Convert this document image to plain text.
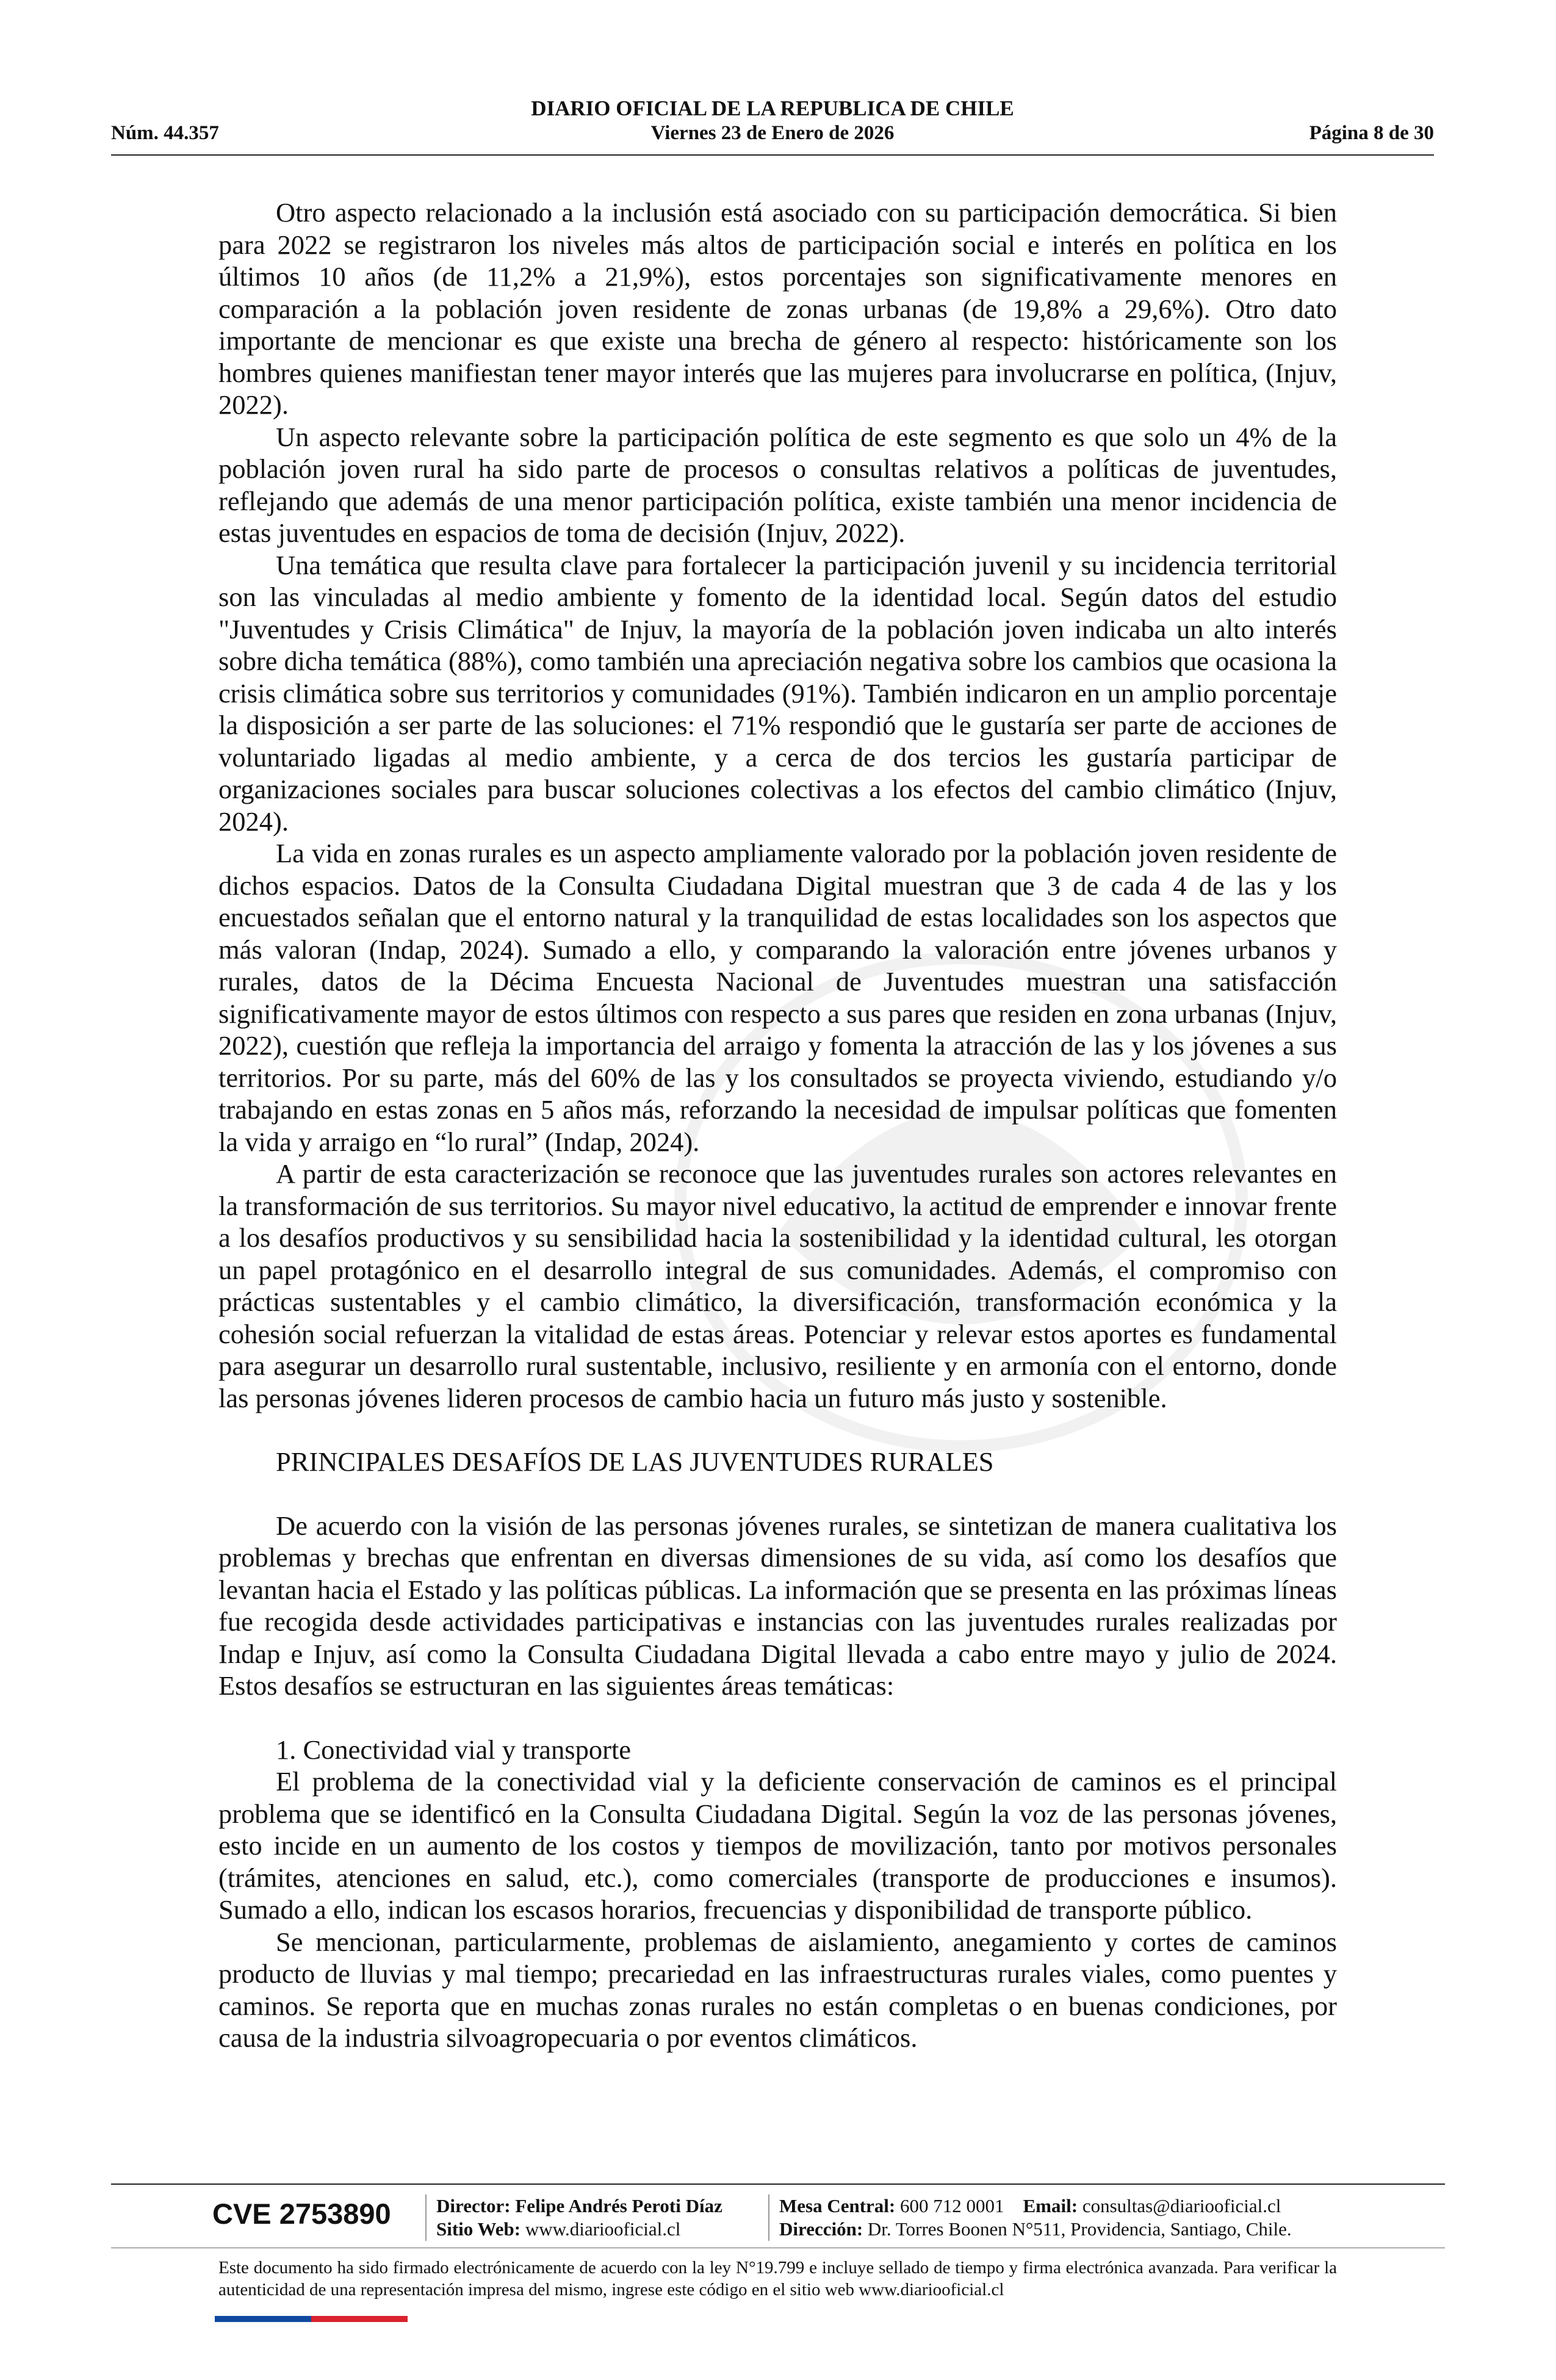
DIARIO OFICIAL DE LA REPUBLICA DE CHILE
Núm. 44.357	Viernes 23 de Enero de 2026	Página 8 de 30

Otro aspecto relacionado a la inclusión está asociado con su participación democrática. Si bien para 2022 se registraron los niveles más altos de participación social e interés en política en los últimos 10 años (de 11,2% a 21,9%), estos porcentajes son significativamente menores en comparación a la población joven residente de zonas urbanas (de 19,8% a 29,6%). Otro dato importante de mencionar es que existe una brecha de género al respecto: históricamente son los hombres quienes manifiestan tener mayor interés que las mujeres para involucrarse en política, (Injuv, 2022).

Un aspecto relevante sobre la participación política de este segmento es que solo un 4% de la población joven rural ha sido parte de procesos o consultas relativos a políticas de juventudes, reflejando que además de una menor participación política, existe también una menor incidencia de estas juventudes en espacios de toma de decisión (Injuv, 2022).

Una temática que resulta clave para fortalecer la participación juvenil y su incidencia territorial son las vinculadas al medio ambiente y fomento de la identidad local. Según datos del estudio "Juventudes y Crisis Climática" de Injuv, la mayoría de la población joven indicaba un alto interés sobre dicha temática (88%), como también una apreciación negativa sobre los cambios que ocasiona la crisis climática sobre sus territorios y comunidades (91%). También indicaron en un amplio porcentaje la disposición a ser parte de las soluciones: el 71% respondió que le gustaría ser parte de acciones de voluntariado ligadas al medio ambiente, y a cerca de dos tercios les gustaría participar de organizaciones sociales para buscar soluciones colectivas a los efectos del cambio climático (Injuv, 2024).

La vida en zonas rurales es un aspecto ampliamente valorado por la población joven residente de dichos espacios. Datos de la Consulta Ciudadana Digital muestran que 3 de cada 4 de las y los encuestados señalan que el entorno natural y la tranquilidad de estas localidades son los aspectos que más valoran (Indap, 2024). Sumado a ello, y comparando la valoración entre jóvenes urbanos y rurales, datos de la Décima Encuesta Nacional de Juventudes muestran una satisfacción significativamente mayor de estos últimos con respecto a sus pares que residen en zona urbanas (Injuv, 2022), cuestión que refleja la importancia del arraigo y fomenta la atracción de las y los jóvenes a sus territorios. Por su parte, más del 60% de las y los consultados se proyecta viviendo, estudiando y/o trabajando en estas zonas en 5 años más, reforzando la necesidad de impulsar políticas que fomenten la vida y arraigo en “lo rural” (Indap, 2024).

A partir de esta caracterización se reconoce que las juventudes rurales son actores relevantes en la transformación de sus territorios. Su mayor nivel educativo, la actitud de emprender e innovar frente a los desafíos productivos y su sensibilidad hacia la sostenibilidad y la identidad cultural, les otorgan un papel protagónico en el desarrollo integral de sus comunidades. Además, el compromiso con prácticas sustentables y el cambio climático, la diversificación, transformación económica y la cohesión social refuerzan la vitalidad de estas áreas. Potenciar y relevar estos aportes es fundamental para asegurar un desarrollo rural sustentable, inclusivo, resiliente y en armonía con el entorno, donde las personas jóvenes lideren procesos de cambio hacia un futuro más justo y sostenible.

PRINCIPALES DESAFÍOS DE LAS JUVENTUDES RURALES

De acuerdo con la visión de las personas jóvenes rurales, se sintetizan de manera cualitativa los problemas y brechas que enfrentan en diversas dimensiones de su vida, así como los desafíos que levantan hacia el Estado y las políticas públicas. La información que se presenta en las próximas líneas fue recogida desde actividades participativas e instancias con las juventudes rurales realizadas por Indap e Injuv, así como la Consulta Ciudadana Digital llevada a cabo entre mayo y julio de 2024. Estos desafíos se estructuran en las siguientes áreas temáticas:

1. Conectividad vial y transporte

El problema de la conectividad vial y la deficiente conservación de caminos es el principal problema que se identificó en la Consulta Ciudadana Digital. Según la voz de las personas jóvenes, esto incide en un aumento de los costos y tiempos de movilización, tanto por motivos personales (trámites, atenciones en salud, etc.), como comerciales (transporte de producciones e insumos). Sumado a ello, indican los escasos horarios, frecuencias y disponibilidad de transporte público.

Se mencionan, particularmente, problemas de aislamiento, anegamiento y cortes de caminos producto de lluvias y mal tiempo; precariedad en las infraestructuras rurales viales, como puentes y caminos. Se reporta que en muchas zonas rurales no están completas o en buenas condiciones, por causa de la industria silvoagropecuaria o por eventos climáticos.

CVE 2753890 Director: Felipe Andrés Peroti Díaz
Sitio Web: www.diariooficial.cl
Mesa Central: 600 712 0001 Email: consultas@diariooficial.cl
Dirección: Dr. Torres Boonen N°511, Providencia, Santiago, Chile.
Este documento ha sido firmado electrónicamente de acuerdo con la ley N°19.799 e incluye sellado de tiempo y firma electrónica avanzada. Para verificar la autenticidad de una representación impresa del mismo, ingrese este código en el sitio web www.diariooficial.cl
